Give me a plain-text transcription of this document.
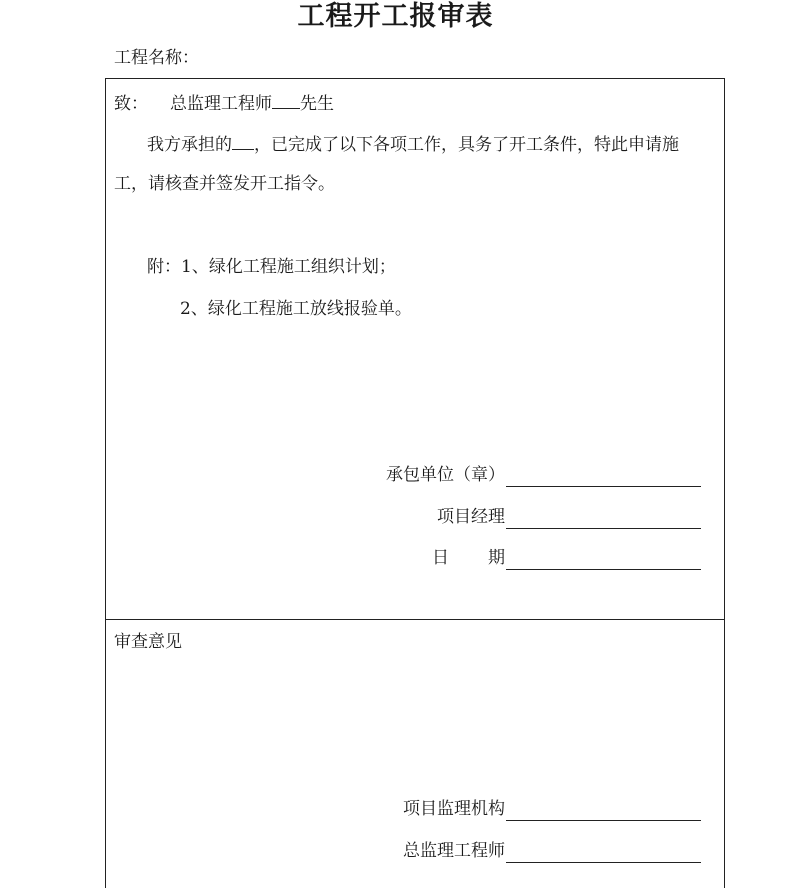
工程开工报审表
工程名称：
致： 总监理工程师 先生
我方承担的 ，已完成了以下各项工作，具务了开工条件，特此申请施
工，请核查并签发开工指令。
附：1、绿化工程施工组织计划；
2、绿化工程施工放线报验单。
承包单位（章）
项目经理
日 期
审查意见
项目监理机构
总监理工程师
